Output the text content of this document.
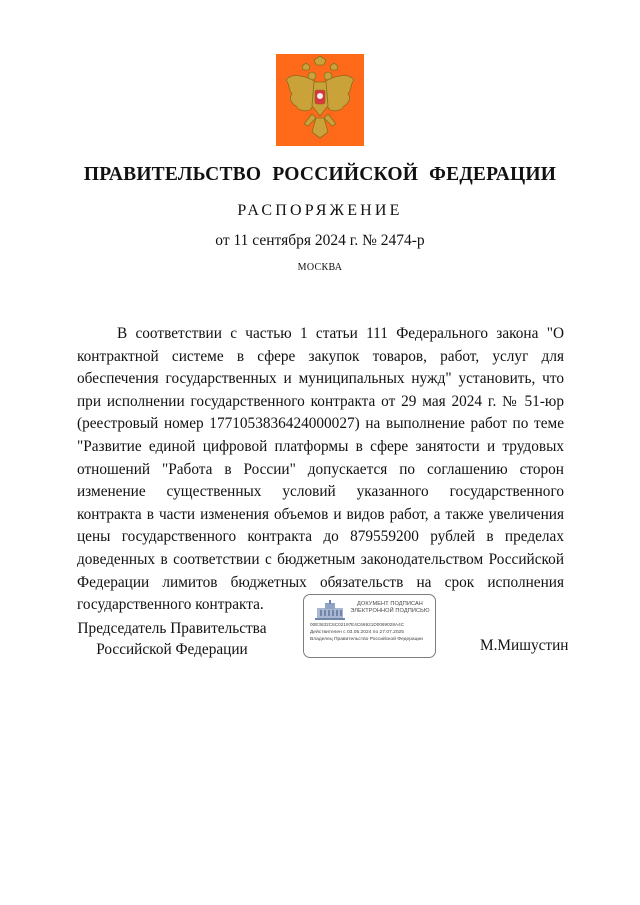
ПРАВИТЕЛЬСТВО РОССИЙСКОЙ ФЕДЕРАЦИИ
РАСПОРЯЖЕНИЕ
от 11 сентября 2024 г. № 2474-р
МОСКВА
В соответствии с частью 1 статьи 111 Федерального закона "О контрактной системе в сфере закупок товаров, работ, услуг для обеспечения государственных и муниципальных нужд" установить, что при исполнении государственного контракта от 29 мая 2024 г. № 51-юр (реестровый номер 1771053836424000027) на выполнение работ по теме "Развитие единой цифровой платформы в сфере занятости и трудовых отношений "Работа в России" допускается по соглашению сторон изменение существенных условий указанного государственного контракта в части изменения объемов и видов работ, а также увеличения цены государственного контракта до 879559200 рублей в пределах доведенных в соответствии с бюджетным законодательством Российской Федерации лимитов бюджетных обязательств на срок исполнения государственного контракта.
Председатель Правительства
Российской Федерации
ДОКУМЕНТ ПОДПИСАН
ЭЛЕКТРОННОЙ ПОДПИСЬЮ
00E3632C6C02197E4C66921D0069028A4C
Действителен с 03.05.2024 по 27.07.2025
Владелец Правительство Российской Федерации	М.Мишустин
